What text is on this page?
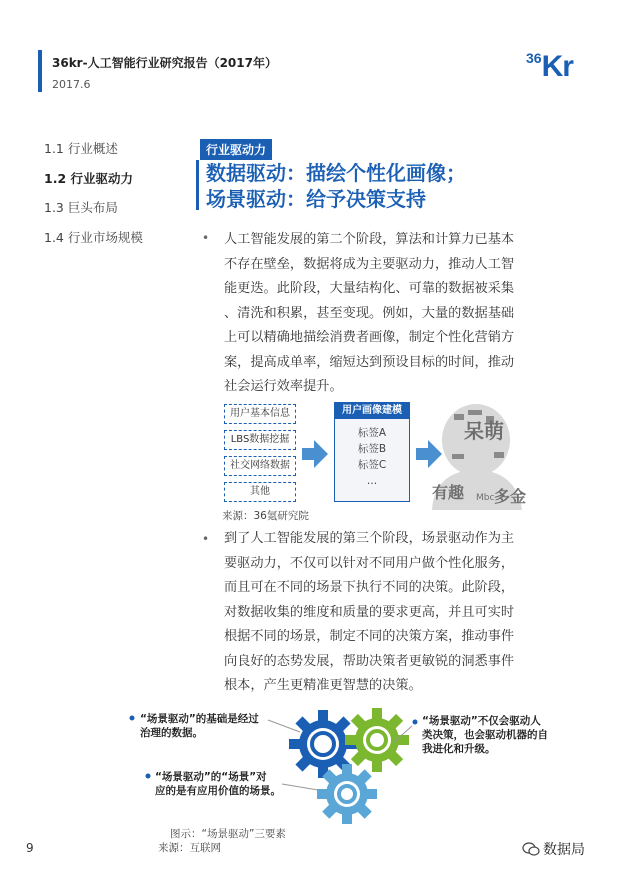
36kr-人工智能行业研究报告（2017年）
2017.6
36Kr
1.1 行业概述
1.2 行业驱动力
1.3 巨头布局
1.4 行业市场规模
行业驱动力
数据驱动：描绘个性化画像；
场景驱动：给予决策支持
• 人工智能发展的第二个阶段，算法和计算力已基本
不存在壁垒，数据将成为主要驱动力，推动人工智
能更迭。此阶段，大量结构化、可靠的数据被采集
、清洗和积累，甚至变现。例如，大量的数据基础
上可以精确地描绘消费者画像，制定个性化营销方
案，提高成单率，缩短达到预设目标的时间，推动
社会运行效率提升。
用户基本信息
LBS数据挖掘
社交网络数据
其他
用户画像建模
标签A
标签B
标签C
…
呆萌
有趣 多金
Mbc
来源：36氪研究院
• 到了人工智能发展的第三个阶段，场景驱动作为主
要驱动力，不仅可以针对不同用户做个性化服务，
而且可在不同的场景下执行不同的决策。此阶段，
对数据收集的维度和质量的要求更高，并且可实时
根据不同的场景，制定不同的决策方案，推动事件
向良好的态势发展，帮助决策者更敏锐的洞悉事件
根本，产生更精准更智慧的决策。
“场景驱动”的基础是经过
治理的数据。
“场景驱动”的“场景”对
应的是有应用价值的场景。
“场景驱动”不仅会驱动人
类决策，也会驱动机器的自
我进化和升级。
图示：“场景驱动”三要素
来源：互联网
9	数据局
